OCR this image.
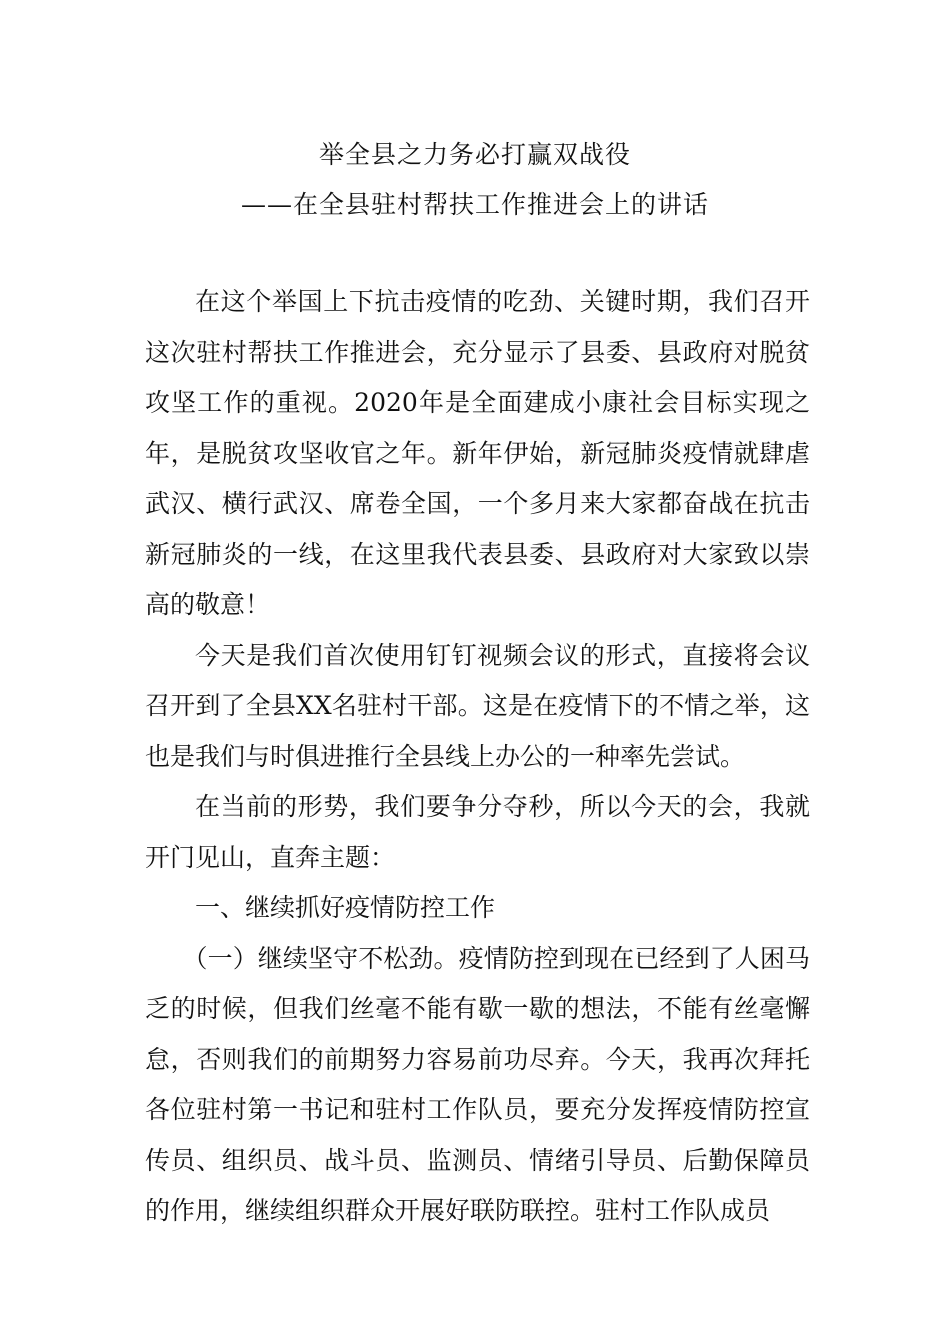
举全县之力务必打赢双战役
——在全县驻村帮扶工作推进会上的讲话

在这个举国上下抗击疫情的吃劲、关键时期，我们召开这次驻村帮扶工作推进会，充分显示了县委、县政府对脱贫攻坚工作的重视。2020年是全面建成小康社会目标实现之年，是脱贫攻坚收官之年。新年伊始，新冠肺炎疫情就肆虐武汉、横行武汉、席卷全国，一个多月来大家都奋战在抗击新冠肺炎的一线，在这里我代表县委、县政府对大家致以崇高的敬意！

今天是我们首次使用钉钉视频会议的形式，直接将会议召开到了全县XX名驻村干部。这是在疫情下的不情之举，这也是我们与时俱进推行全县线上办公的一种率先尝试。

在当前的形势，我们要争分夺秒，所以今天的会，我就开门见山，直奔主题：

一、继续抓好疫情防控工作

（一）继续坚守不松劲。疫情防控到现在已经到了人困马乏的时候，但我们丝毫不能有歇一歇的想法，不能有丝毫懈怠，否则我们的前期努力容易前功尽弃。今天，我再次拜托各位驻村第一书记和驻村工作队员，要充分发挥疫情防控宣传员、组织员、战斗员、监测员、情绪引导员、后勤保障员的作用，继续组织群众开展好联防联控。驻村工作队成员
